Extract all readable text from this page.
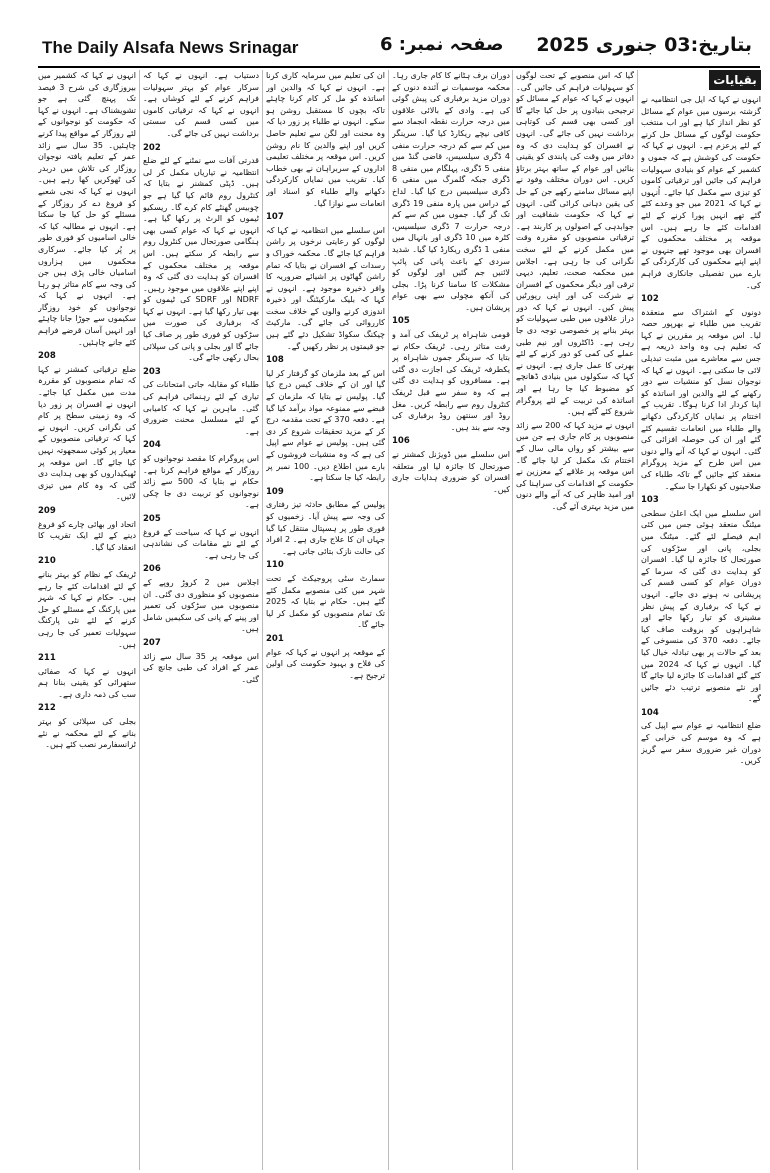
The Daily Alsafa News Srinagar	صفحہ نمبر: 6 بتاریخ:03 جنوری 2025
بقیایات

انہوں نے کہا کہ ایل جی انتظامیہ نے گزشتہ برسوں میں عوام کے مسائل کو نظر انداز کیا ہے اور اب منتخب حکومت لوگوں کے مسائل حل کرنے کے لئے پرعزم ہے۔ انہوں نے کہا کہ حکومت کی کوشش ہے کہ جموں و کشمیر کے عوام کو بنیادی سہولیات فراہم کی جائیں اور ترقیاتی کاموں کو تیزی سے مکمل کیا جائے۔ اُنہوں نے کہا کہ 2021 میں جو وعدے کئے گئے تھے انہیں پورا کرنے کے لئے اقدامات کئے جا رہے ہیں۔ اس موقعہ پر مختلف محکموں کے افسران بھی موجود تھے جنہوں نے اپنے اپنے محکموں کی کارکردگی کے بارے میں تفصیلی جانکاری فراہم کی۔

102

دونوں کے اشتراک سے منعقدہ تقریب میں طلباء نے بھرپور حصہ لیا۔ اس موقعہ پر مقررین نے کہا کہ تعلیم ہی وہ واحد ذریعہ ہے جس سے معاشرے میں مثبت تبدیلی لائی جا سکتی ہے۔ انہوں نے کہا کہ نوجوان نسل کو منشیات سے دور رکھنے کے لئے والدین اور اساتذہ کو اپنا کردار ادا کرنا ہوگا۔ تقریب کے اختتام پر نمایاں کارکردگی دکھانے والے طلباء میں انعامات تقسیم کئے گئے اور ان کی حوصلہ افزائی کی گئی۔ انہوں نے کہا کہ آنے والے دنوں میں اس طرح کے مزید پروگرام منعقد کئے جائیں گے تاکہ طلباء کی صلاحیتوں کو نکھارا جا سکے۔

103

اس سلسلے میں ایک اعلیٰ سطحی میٹنگ منعقد ہوئی جس میں کئی اہم فیصلے لئے گئے۔ میٹنگ میں بجلی، پانی اور سڑکوں کی صورتحال کا جائزہ لیا گیا۔ افسران کو ہدایت دی گئی کہ سرما کے دوران عوام کو کسی قسم کی پریشانی نہ ہونے دی جائے۔ انہوں نے کہا کہ برفباری کے پیش نظر مشینری کو تیار رکھا جائے اور شاہراہوں کو بروقت صاف کیا جائے۔ دفعہ 370 کی منسوخی کے بعد کے حالات پر بھی تبادلہ خیال کیا گیا۔ انہوں نے کہا کہ 2024 میں کئے گئے اقدامات کا جائزہ لیا جائے گا اور نئے منصوبے ترتیب دئے جائیں گے۔

104

ضلع انتظامیہ نے عوام سے اپیل کی ہے کہ وہ موسم کی خرابی کے دوران غیر ضروری سفر سے گریز کریں۔

گیا کہ اس منصوبے کے تحت لوگوں کو سہولیات فراہم کی جائیں گی۔ انہوں نے کہا کہ عوام کے مسائل کو ترجیحی بنیادوں پر حل کیا جائے گا اور کسی بھی قسم کی کوتاہی برداشت نہیں کی جائے گی۔ انہوں نے افسران کو ہدایت دی کہ وہ دفاتر میں وقت کی پابندی کو یقینی بنائیں اور عوام کے ساتھ بہتر برتاؤ کریں۔ اس دوران مختلف وفود نے اپنے مسائل سامنے رکھے جن کے حل کی یقین دہانی کرائی گئی۔ انہوں نے کہا کہ حکومت شفافیت اور جوابدہی کے اصولوں پر کاربند ہے۔ ترقیاتی منصوبوں کو مقررہ وقت میں مکمل کرنے کے لئے سخت نگرانی کی جا رہی ہے۔ اجلاس میں محکمہ صحت، تعلیم، دیہی ترقی اور دیگر محکموں کے افسران نے شرکت کی اور اپنی رپورٹیں پیش کیں۔ انہوں نے کہا کہ دور دراز علاقوں میں طبی سہولیات کو بہتر بنانے پر خصوصی توجہ دی جا رہی ہے۔ ڈاکٹروں اور نیم طبی عملے کی کمی کو دور کرنے کے لئے بھرتی کا عمل جاری ہے۔ انہوں نے کہا کہ سکولوں میں بنیادی ڈھانچے کو مضبوط کیا جا رہا ہے اور اساتذہ کی تربیت کے لئے پروگرام شروع کئے گئے ہیں۔

انہوں نے مزید کہا کہ 200 سے زائد منصوبوں پر کام جاری ہے جن میں سے بیشتر کو رواں مالی سال کے اختتام تک مکمل کر لیا جائے گا۔ اس موقعہ پر علاقے کے معززین نے حکومت کے اقدامات کی سراہنا کی اور امید ظاہر کی کہ آنے والے دنوں میں مزید بہتری آئے گی۔

دوران برف ہٹانے کا کام جاری رہا۔ محکمہ موسمیات نے آئندہ دنوں کے دوران مزید برفباری کی پیش گوئی کی ہے۔ وادی کے بالائی علاقوں میں درجہ حرارت نقطہ انجماد سے کافی نیچے ریکارڈ کیا گیا۔ سرینگر میں کم سے کم درجہ حرارت منفی 4 ڈگری سیلسیس، قاضی گنڈ میں منفی 5 ڈگری، پہلگام میں منفی 8 ڈگری جبکہ گلمرگ میں منفی 6 ڈگری سیلسیس درج کیا گیا۔ لداخ کے دراس میں پارہ منفی 19 ڈگری تک گر گیا۔ جموں میں کم سے کم درجہ حرارت 7 ڈگری سیلسیس، کٹرہ میں 10 ڈگری اور بانہال میں منفی 1 ڈگری ریکارڈ کیا گیا۔ شدید سردی کے باعث پانی کی پائپ لائنیں جم گئیں اور لوگوں کو مشکلات کا سامنا کرنا پڑا۔ بجلی کی آنکھ مچولی سے بھی عوام پریشان ہیں۔

105

قومی شاہراہ پر ٹریفک کی آمد و رفت متاثر رہی۔ ٹریفک حکام نے بتایا کہ سرینگر جموں شاہراہ پر یکطرفہ ٹریفک کی اجازت دی گئی ہے۔ مسافروں کو ہدایت دی گئی ہے کہ وہ سفر سے قبل ٹریفک کنٹرول روم سے رابطہ کریں۔ مغل روڈ اور سنتھن روڈ برفباری کی وجہ سے بند ہیں۔

106

اس سلسلے میں ڈویژنل کمشنر نے صورتحال کا جائزہ لیا اور متعلقہ افسران کو ضروری ہدایات جاری کیں۔

ان کی تعلیم میں سرمایہ کاری کرنا ہے۔ انہوں نے کہا کہ والدین اور اساتذہ کو مل کر کام کرنا چاہئے تاکہ بچوں کا مستقبل روشن ہو سکے۔ انہوں نے طلباء پر زور دیا کہ وہ محنت اور لگن سے تعلیم حاصل کریں اور اپنے والدین کا نام روشن کریں۔ اس موقعہ پر مختلف تعلیمی اداروں کے سربراہان نے بھی خطاب کیا۔ تقریب میں نمایاں کارکردگی دکھانے والے طلباء کو اسناد اور انعامات سے نوازا گیا۔

107

اس سلسلے میں انتظامیہ نے کہا کہ لوگوں کو رعایتی نرخوں پر راشن فراہم کیا جائے گا۔ محکمہ خوراک و رسدات کے افسران نے بتایا کہ تمام راشن گھاٹوں پر اشیائے ضروریہ کا وافر ذخیرہ موجود ہے۔ انہوں نے کہا کہ بلیک مارکیٹنگ اور ذخیرہ اندوزی کرنے والوں کے خلاف سخت کارروائی کی جائے گی۔ مارکیٹ چیکنگ سکواڈ تشکیل دئے گئے ہیں جو قیمتوں پر نظر رکھیں گے۔

108

اس کے بعد ملزمان کو گرفتار کر لیا گیا اور ان کے خلاف کیس درج کیا گیا۔ پولیس نے بتایا کہ ملزمان کے قبضے سے ممنوعہ مواد برآمد کیا گیا ہے۔ دفعہ 370 کے تحت مقدمہ درج کر کے مزید تحقیقات شروع کر دی گئی ہیں۔ پولیس نے عوام سے اپیل کی ہے کہ وہ منشیات فروشوں کے بارے میں اطلاع دیں۔ 100 نمبر پر رابطہ کیا جا سکتا ہے۔

109

پولیس کے مطابق حادثہ تیز رفتاری کی وجہ سے پیش آیا۔ زخمیوں کو فوری طور پر ہسپتال منتقل کیا گیا جہاں ان کا علاج جاری ہے۔ 2 افراد کی حالت نازک بتائی جاتی ہے۔

110

سمارٹ سٹی پروجیکٹ کے تحت شہر میں کئی منصوبے مکمل کئے گئے ہیں۔ حکام نے بتایا کہ 2025 تک تمام منصوبوں کو مکمل کر لیا جائے گا۔

201

کے موقعہ پر انہوں نے کہا کہ عوام کی فلاح و بہبود حکومت کی اولین ترجیح ہے۔

دستیاب ہے۔ انہوں نے کہا کہ سرکار عوام کو بہتر سہولیات فراہم کرنے کے لئے کوشاں ہے۔ انہوں نے کہا کہ ترقیاتی کاموں میں کسی قسم کی سستی برداشت نہیں کی جائے گی۔

202

قدرتی آفات سے نمٹنے کے لئے ضلع انتظامیہ نے تیاریاں مکمل کر لی ہیں۔ ڈپٹی کمشنر نے بتایا کہ کنٹرول روم قائم کیا گیا ہے جو چوبیس گھنٹے کام کرے گا۔ ریسکیو ٹیموں کو الرٹ پر رکھا گیا ہے۔ انہوں نے کہا کہ عوام کسی بھی ہنگامی صورتحال میں کنٹرول روم سے رابطہ کر سکتے ہیں۔ اس موقعہ پر مختلف محکموں کے افسران کو ہدایت دی گئی کہ وہ اپنے اپنے علاقوں میں موجود رہیں۔ NDRF اور SDRF کی ٹیموں کو بھی تیار رکھا گیا ہے۔ انہوں نے کہا کہ برفباری کی صورت میں سڑکوں کو فوری طور پر صاف کیا جائے گا اور بجلی و پانی کی سپلائی بحال رکھی جائے گی۔

203

طلباء کو مقابلہ جاتی امتحانات کی تیاری کے لئے رہنمائی فراہم کی گئی۔ ماہرین نے کہا کہ کامیابی کے لئے مسلسل محنت ضروری ہے۔

204

اس پروگرام کا مقصد نوجوانوں کو روزگار کے مواقع فراہم کرنا ہے۔ حکام نے بتایا کہ 500 سے زائد نوجوانوں کو تربیت دی جا چکی ہے۔

205

انہوں نے کہا کہ سیاحت کے فروغ کے لئے نئے مقامات کی نشاندہی کی جا رہی ہے۔

206

اجلاس میں 2 کروڑ روپے کے منصوبوں کو منظوری دی گئی۔ ان منصوبوں میں سڑکوں کی تعمیر اور پینے کے پانی کی سکیمیں شامل ہیں۔

207

اس موقعہ پر 35 سال سے زائد عمر کے افراد کی طبی جانچ کی گئی۔

انہوں نے کہا کہ کشمیر میں بیروزگاری کی شرح 3 فیصد تک پہنچ گئی ہے جو تشویشناک ہے۔ انہوں نے کہا کہ حکومت کو نوجوانوں کے لئے روزگار کے مواقع پیدا کرنے چاہئیں۔ 35 سال سے زائد عمر کے تعلیم یافتہ نوجوان روزگار کی تلاش میں دربدر کی ٹھوکریں کھا رہے ہیں۔ انہوں نے کہا کہ نجی شعبے کو فروغ دے کر روزگار کے مسئلے کو حل کیا جا سکتا ہے۔ انہوں نے مطالبہ کیا کہ خالی اسامیوں کو فوری طور پر پُر کیا جائے۔ سرکاری محکموں میں ہزاروں اسامیاں خالی پڑی ہیں جن کی وجہ سے کام متاثر ہو رہا ہے۔ انہوں نے کہا کہ نوجوانوں کو خود روزگار سکیموں سے جوڑا جانا چاہئے اور انہیں آسان قرضے فراہم کئے جانے چاہئیں۔

208

ضلع ترقیاتی کمشنر نے کہا کہ تمام منصوبوں کو مقررہ مدت میں مکمل کیا جائے۔ انہوں نے افسران پر زور دیا کہ وہ زمینی سطح پر کام کی نگرانی کریں۔ انہوں نے کہا کہ ترقیاتی منصوبوں کے معیار پر کوئی سمجھوتہ نہیں کیا جائے گا۔ اس موقعہ پر ٹھیکیداروں کو بھی ہدایت دی گئی کہ وہ کام میں تیزی لائیں۔

209

اتحاد اور بھائی چارے کو فروغ دینے کے لئے ایک تقریب کا انعقاد کیا گیا۔

210

ٹریفک کے نظام کو بہتر بنانے کے لئے اقدامات کئے جا رہے ہیں۔ حکام نے کہا کہ شہر میں پارکنگ کے مسئلے کو حل کرنے کے لئے نئی پارکنگ سہولیات تعمیر کی جا رہی ہیں۔

211

انہوں نے کہا کہ صفائی ستھرائی کو یقینی بنانا ہم سب کی ذمہ داری ہے۔

212

بجلی کی سپلائی کو بہتر بنانے کے لئے محکمہ نے نئے ٹرانسفارمر نصب کئے ہیں۔
